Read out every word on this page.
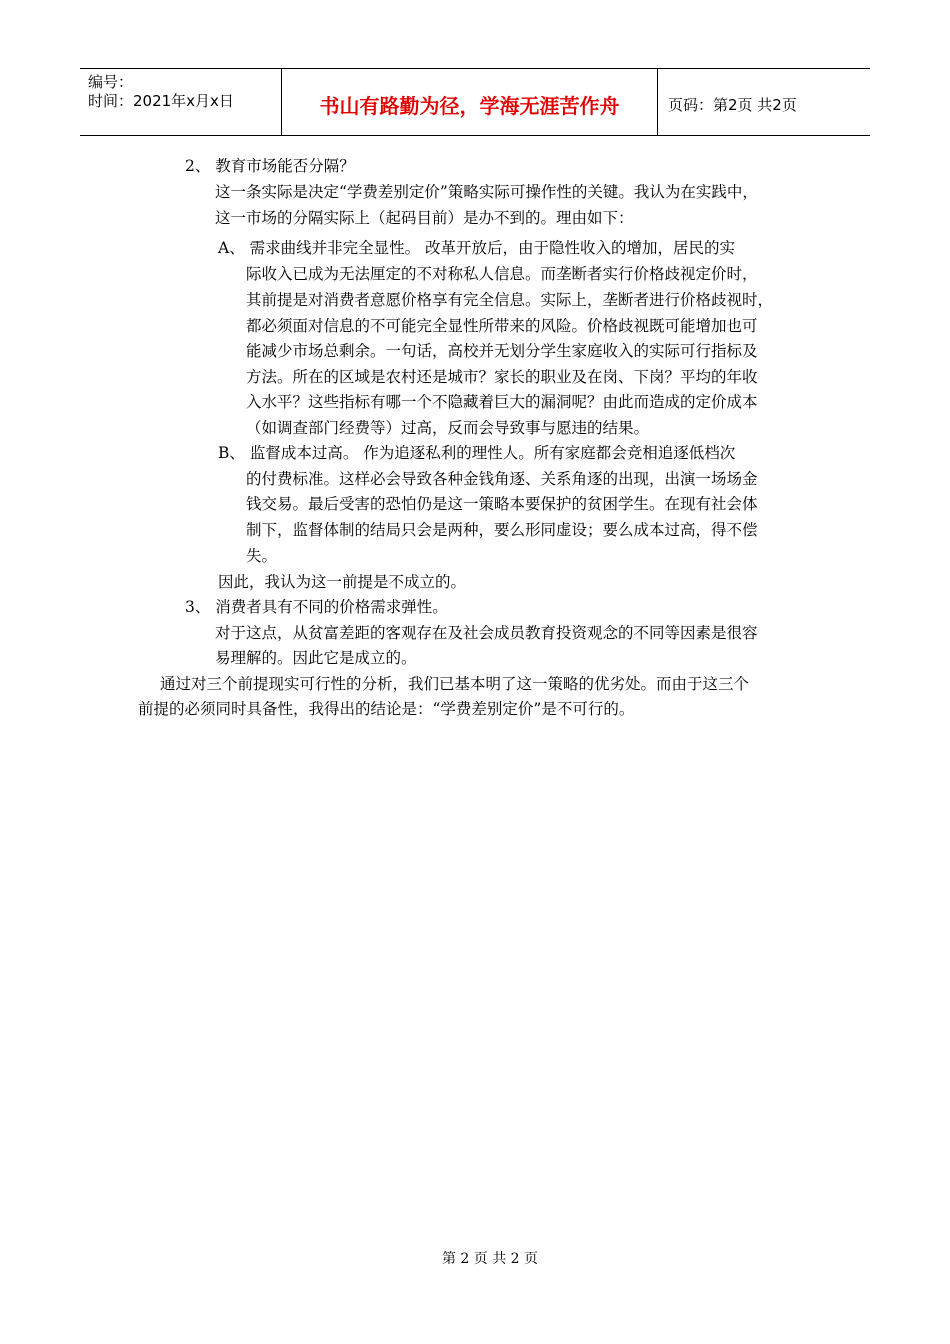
编号：
时间：2021年x月x日	书山有路勤为径，学海无涯苦作舟	页码：第2页 共2页
2、 教育市场能否分隔？
这一条实际是决定“学费差别定价”策略实际可操作性的关键。我认为在实践中，
这一市场的分隔实际上（起码目前）是办不到的。理由如下：
A、 需求曲线并非完全显性。 改革开放后，由于隐性收入的增加，居民的实
际收入已成为无法厘定的不对称私人信息。而垄断者实行价格歧视定价时，
其前提是对消费者意愿价格享有完全信息。实际上，垄断者进行价格歧视时，
都必须面对信息的不可能完全显性所带来的风险。价格歧视既可能增加也可
能减少市场总剩余。一句话，高校并无划分学生家庭收入的实际可行指标及
方法。所在的区域是农村还是城市？家长的职业及在岗、下岗？平均的年收
入水平？这些指标有哪一个不隐藏着巨大的漏洞呢？由此而造成的定价成本
（如调查部门经费等）过高，反而会导致事与愿违的结果。
B、 监督成本过高。 作为追逐私利的理性人。所有家庭都会竞相追逐低档次
的付费标准。这样必会导致各种金钱角逐、关系角逐的出现，出演一场场金
钱交易。最后受害的恐怕仍是这一策略本要保护的贫困学生。在现有社会体
制下，监督体制的结局只会是两种，要么形同虚设；要么成本过高，得不偿
失。
因此，我认为这一前提是不成立的。
3、 消费者具有不同的价格需求弹性。
对于这点，从贫富差距的客观存在及社会成员教育投资观念的不同等因素是很容
易理解的。因此它是成立的。
通过对三个前提现实可行性的分析，我们已基本明了这一策略的优劣处。而由于这三个
前提的必须同时具备性，我得出的结论是：“学费差别定价”是不可行的。
第 2 页 共 2 页
